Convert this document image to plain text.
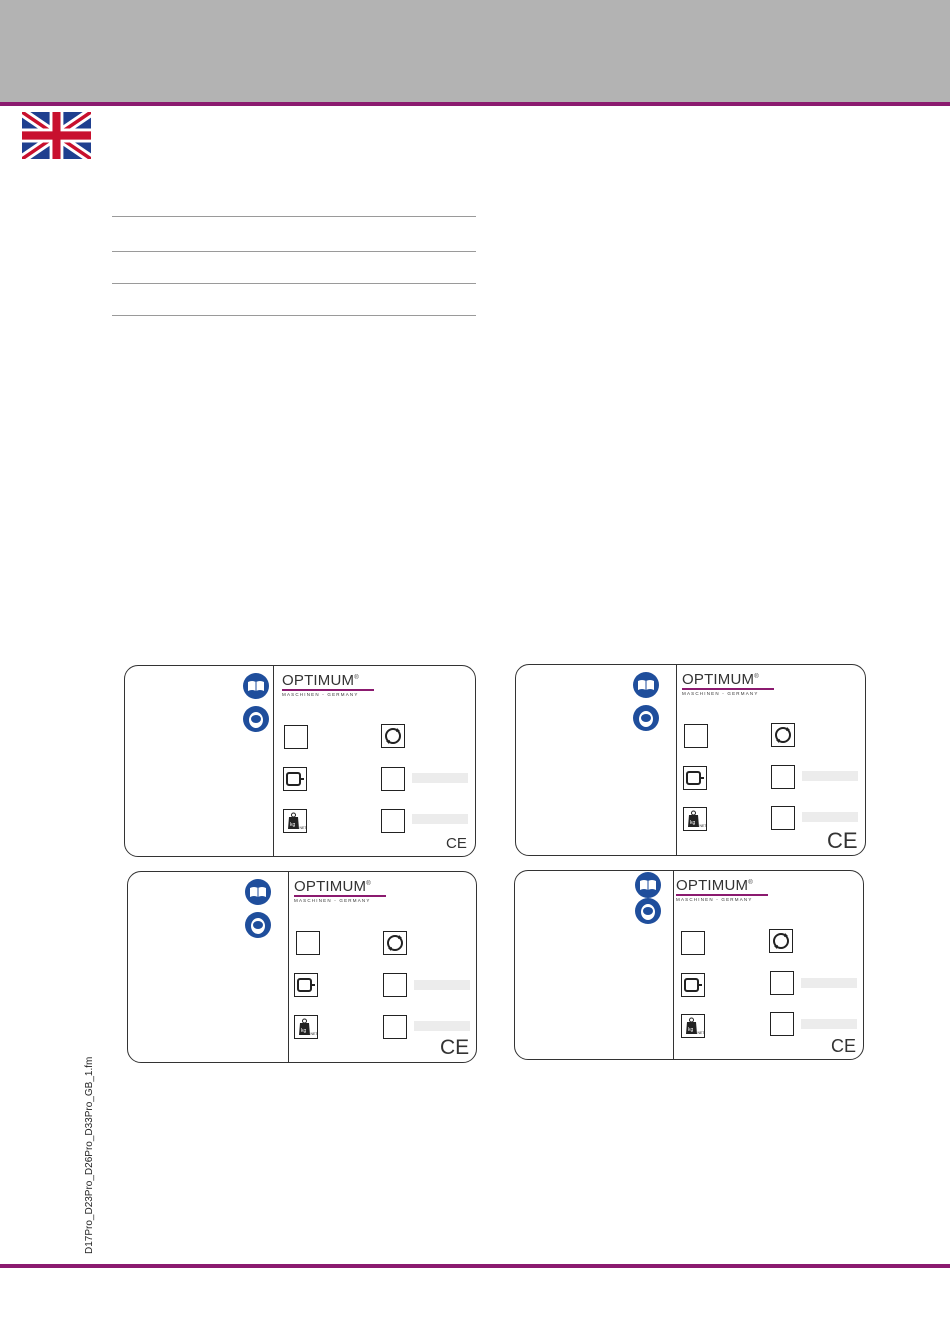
OPTIMUM®
MASCHINEN - GERMANY
kg NET
CE
OPTIMUM®
MASCHINEN - GERMANY
kg NET
CE
OPTIMUM®
MASCHINEN - GERMANY
kg NET
CE
OPTIMUM®
MASCHINEN - GERMANY
kg NET
CE
D17Pro_D23Pro_D26Pro_D33Pro_GB_1.fm
